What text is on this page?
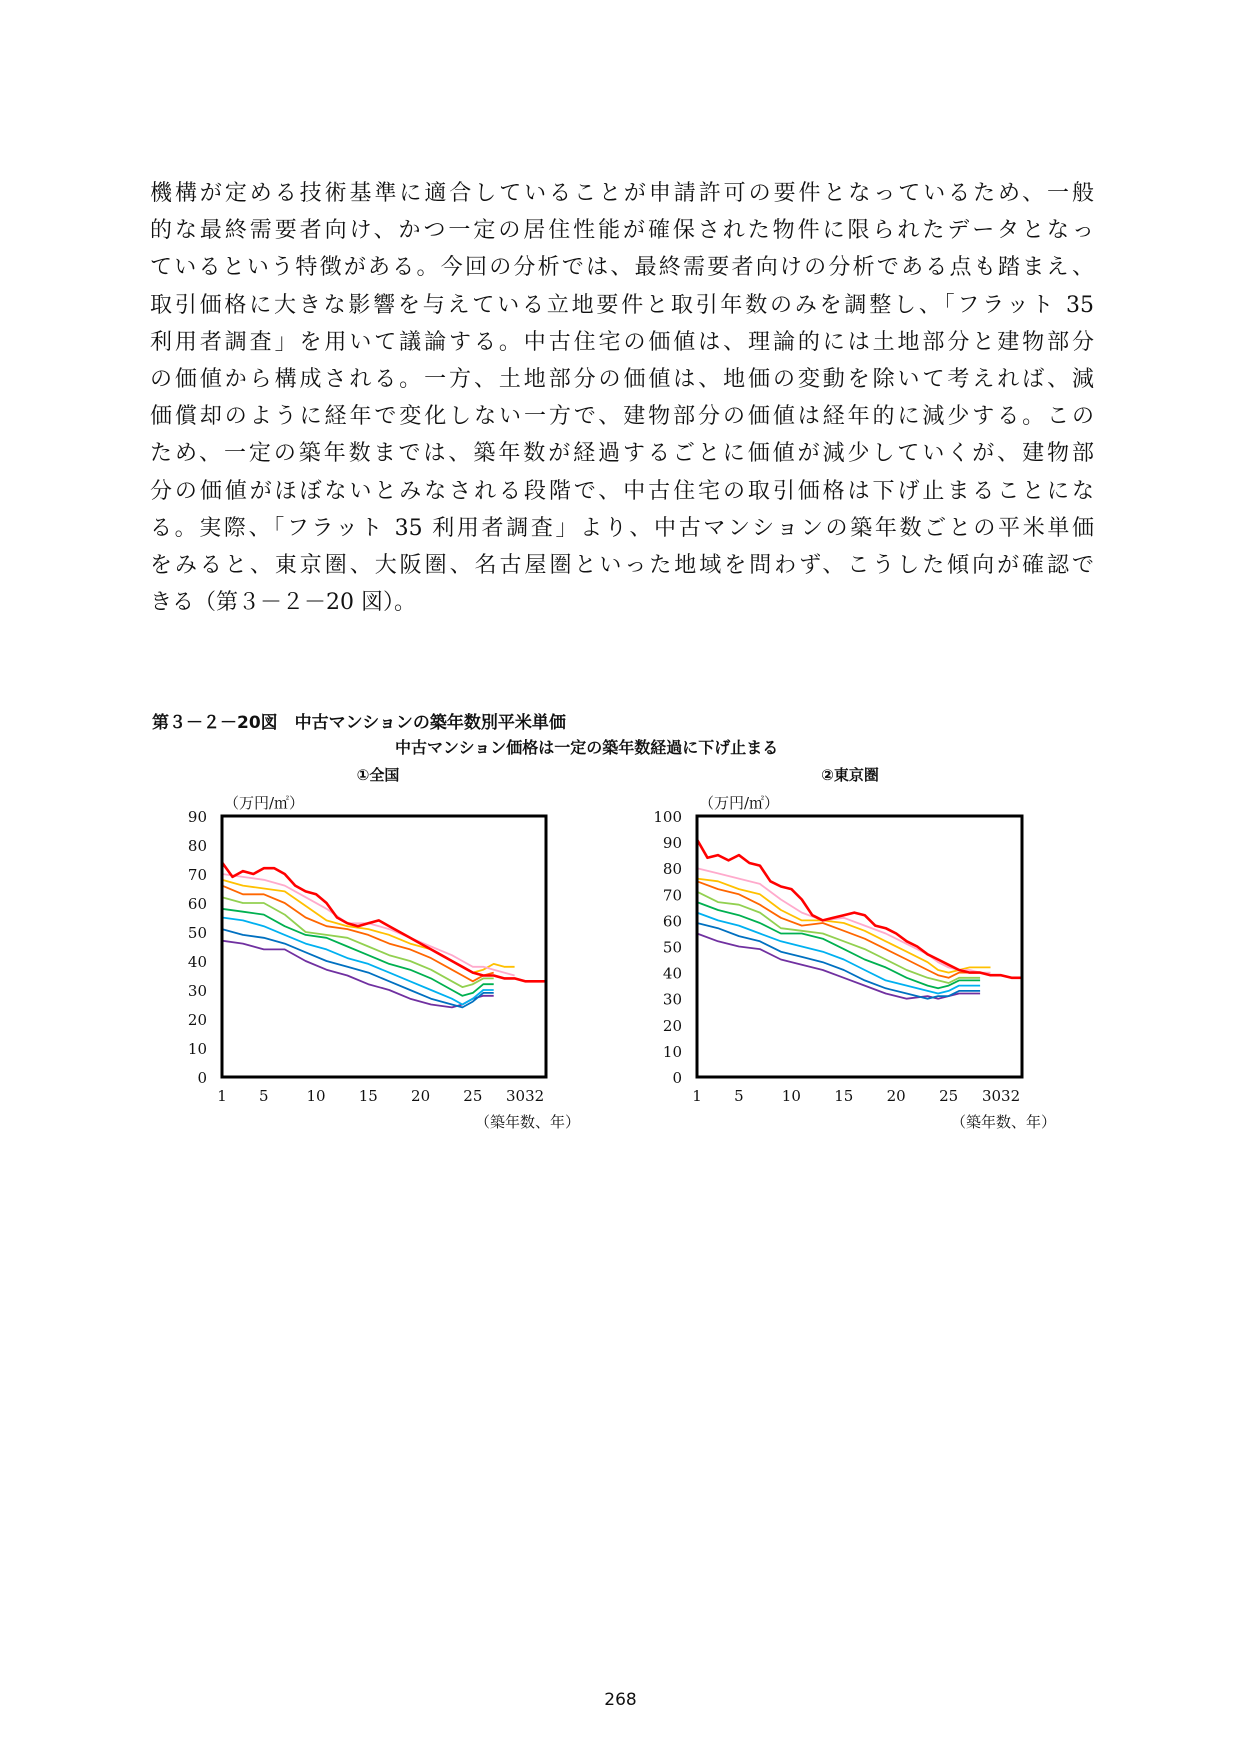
機構が定める技術基準に適合していることが申請許可の要件となっているため、一般
的な最終需要者向け、かつ一定の居住性能が確保された物件に限られたデータとなっ
ているという特徴がある。今回の分析では、最終需要者向けの分析である点も踏まえ、
取引価格に大きな影響を与えている立地要件と取引年数のみを調整し、「フラット 35
利用者調査」を用いて議論する。中古住宅の価値は、理論的には土地部分と建物部分
の価値から構成される。一方、土地部分の価値は、地価の変動を除いて考えれば、減
価償却のように経年で変化しない一方で、建物部分の価値は経年的に減少する。この
ため、一定の築年数までは、築年数が経過するごとに価値が減少していくが、建物部
分の価値がほぼないとみなされる段階で、中古住宅の取引価格は下げ止まることにな
る。実際、「フラット 35 利用者調査」より、中古マンションの築年数ごとの平米単価
をみると、東京圏、大阪圏、名古屋圏といった地域を問わず、こうした傾向が確認で
きる（第３－２－20 図）。
第３－２－20図　中古マンションの築年数別平米単価
中古マンション価格は一定の築年数経過に下げ止まる
①全国
（万円/㎡）
0
10
20
30
40
50
60
70
80
90
1 5	10 15 20 25 3032
（築年数、年）
②東京圏
（万円/㎡）
0
10
20
30
40
50
60
70
80
90
100
1 5	10 15 20 25 3032
（築年数、年）
268
